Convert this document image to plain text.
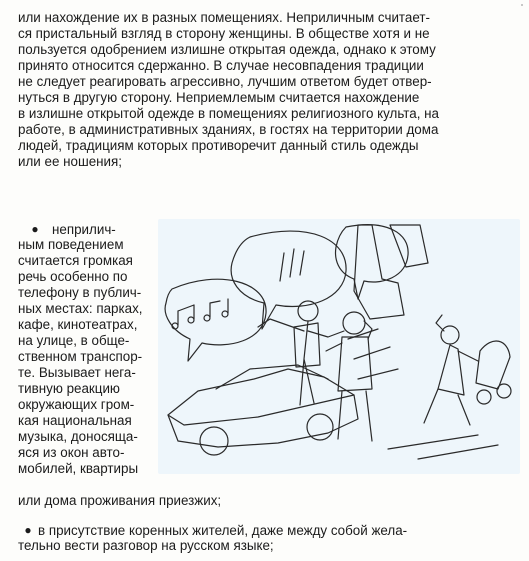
или нахождение их в разных помещениях. Неприличным считает-
ся пристальный взгляд в сторону женщины. В обществе хотя и не
пользуется одобрением излишне открытая одежда, однако к этому
принято относится сдержанно. В случае несовпадения традиции
не следует реагировать агрессивно, лучшим ответом будет отвер-
нуться в другую сторону. Неприемлемым считается нахождение
в излишне открытой одежде в помещениях религиозного культа, на
работе, в административных зданиях, в гостях на территории дома
людей, традициям которых противоречит данный стиль одежды
или ее ношения;
● неприлич-
ным поведением
считается громкая
речь особенно по
телефону в публич-
ных местах: парках,
кафе, кинотеатрах,
на улице, в обще-
ственном транспор-
те. Вызывает нега-
тивную реакцию
окружающих гром-
кая национальная
музыка, доносяща-
яся из окон авто-
мобилей, квартиры
или дома проживания приезжих;
● в присутствие коренных жителей, даже между собой жела-
тельно вести разговор на русском языке;
